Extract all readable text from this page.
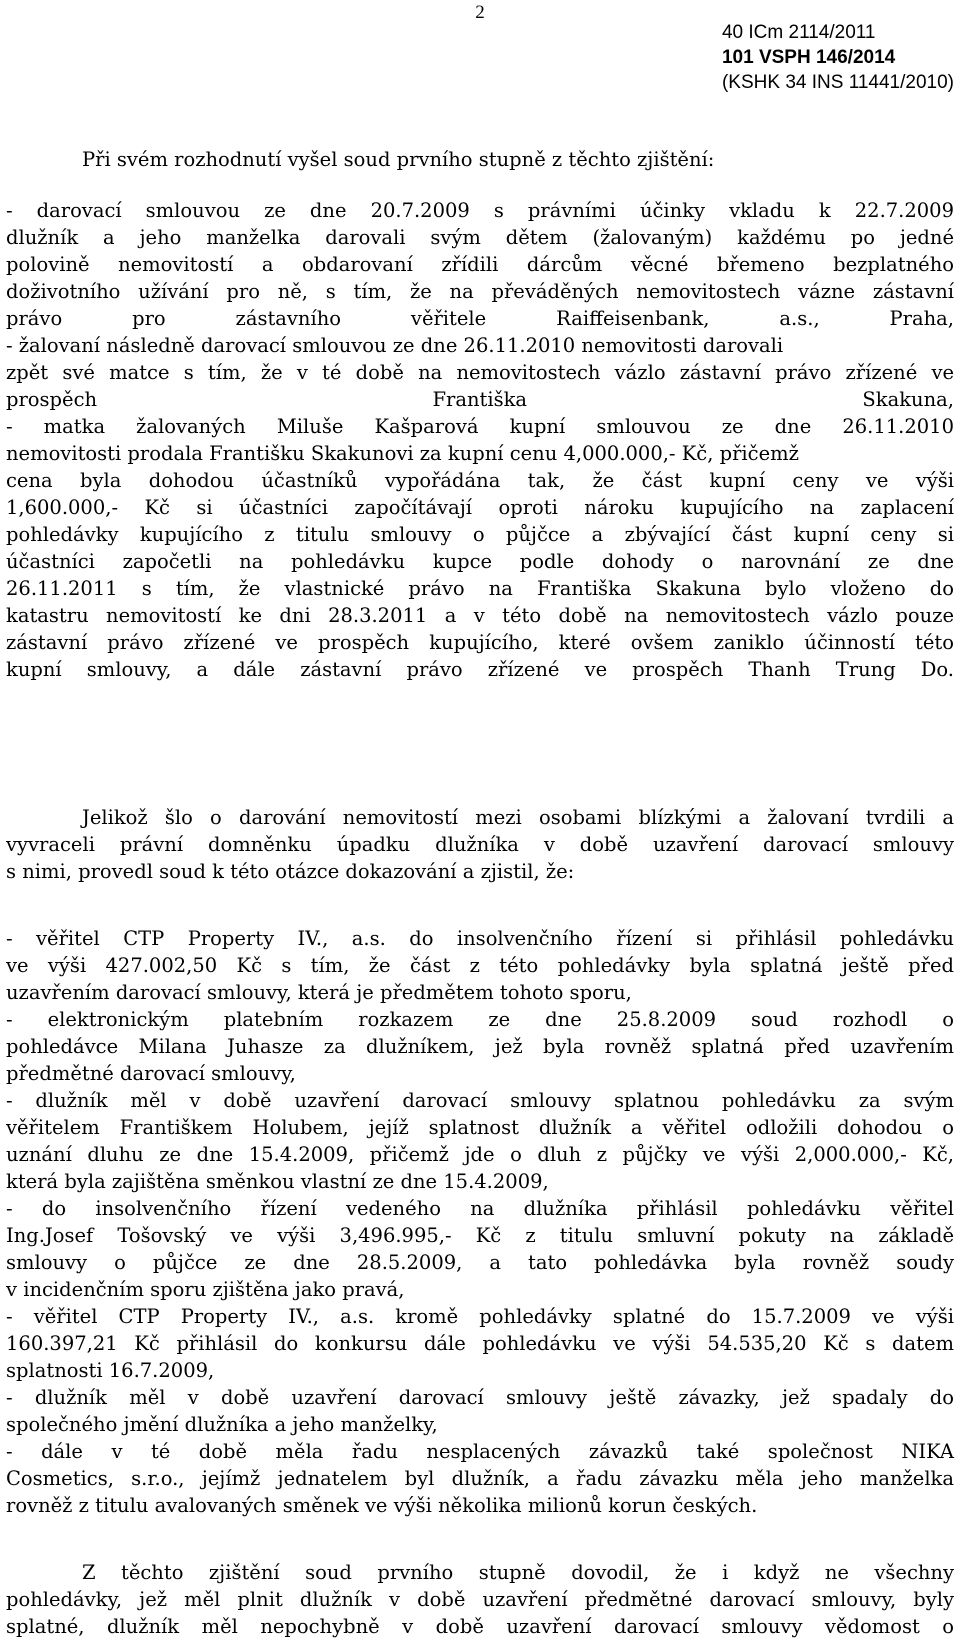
2
40 ICm 2114/2011
101 VSPH 146/2014
(KSHK 34 INS 11441/2010)
Při svém rozhodnutí vyšel soud prvního stupně z těchto zjištění:
- darovací smlouvou ze dne 20.7.2009 s právními účinky vkladu k 22.7.2009
dlužník a jeho manželka darovali svým dětem (žalovaným) každému po jedné
polovině nemovitostí a obdarovaní zřídili dárcům věcné břemeno bezplatného
doživotního užívání pro ně, s tím, že na převáděných nemovitostech vázne zástavní
právo pro zástavního věřitele Raiffeisenbank, a.s., Praha,
- žalovaní následně darovací smlouvou ze dne 26.11.2010 nemovitosti darovali
zpět své matce s tím, že v té době na nemovitostech vázlo zástavní právo zřízené ve
prospěch Františka Skakuna,
- matka žalovaných Miluše Kašparová kupní smlouvou ze dne 26.11.2010
nemovitosti prodala Františku Skakunovi za kupní cenu 4,000.000,- Kč, přičemž
cena byla dohodou účastníků vypořádána tak, že část kupní ceny ve výši
1,600.000,- Kč si účastníci započítávají oproti nároku kupujícího na zaplacení
pohledávky kupujícího z titulu smlouvy o půjčce a zbývající část kupní ceny si
účastníci započetli na pohledávku kupce podle dohody o narovnání ze dne
26.11.2011 s tím, že vlastnické právo na Františka Skakuna bylo vloženo do
katastru nemovitostí ke dni 28.3.2011 a v této době na nemovitostech vázlo pouze
zástavní právo zřízené ve prospěch kupujícího, které ovšem zaniklo účinností této
kupní smlouvy, a dále zástavní právo zřízené ve prospěch Thanh Trung Do.
Jelikož šlo o darování nemovitostí mezi osobami blízkými a žalovaní tvrdili a
vyvraceli právní domněnku úpadku dlužníka v době uzavření darovací smlouvy
s nimi, provedl soud k této otázce dokazování a zjistil, že:
- věřitel CTP Property IV., a.s. do insolvenčního řízení si přihlásil pohledávku
ve výši 427.002,50 Kč s tím, že část z této pohledávky byla splatná ještě před
uzavřením darovací smlouvy, která je předmětem tohoto sporu,
- elektronickým platebním rozkazem ze dne 25.8.2009 soud rozhodl o
pohledávce Milana Juhasze za dlužníkem, jež byla rovněž splatná před uzavřením
předmětné darovací smlouvy,
- dlužník měl v době uzavření darovací smlouvy splatnou pohledávku za svým
věřitelem Františkem Holubem, jejíž splatnost dlužník a věřitel odložili dohodou o
uznání dluhu ze dne 15.4.2009, přičemž jde o dluh z půjčky ve výši 2,000.000,- Kč,
která byla zajištěna směnkou vlastní ze dne 15.4.2009,
- do insolvenčního řízení vedeného na dlužníka přihlásil pohledávku věřitel
Ing.Josef Tošovský ve výši 3,496.995,- Kč z titulu smluvní pokuty na základě
smlouvy o půjčce ze dne 28.5.2009, a tato pohledávka byla rovněž soudy
v incidenčním sporu zjištěna jako pravá,
- věřitel CTP Property IV., a.s. kromě pohledávky splatné do 15.7.2009 ve výši
160.397,21 Kč přihlásil do konkursu dále pohledávku ve výši 54.535,20 Kč s datem
splatnosti 16.7.2009,
- dlužník měl v době uzavření darovací smlouvy ještě závazky, jež spadaly do
společného jmění dlužníka a jeho manželky,
- dále v té době měla řadu nesplacených závazků také společnost NIKA
Cosmetics, s.r.o., jejímž jednatelem byl dlužník, a řadu závazku měla jeho manželka
rovněž z titulu avalovaných směnek ve výši několika milionů korun českých.
Z těchto zjištění soud prvního stupně dovodil, že i když ne všechny
pohledávky, jež měl plnit dlužník v době uzavření předmětné darovací smlouvy, byly
splatné, dlužník měl nepochybně v době uzavření darovací smlouvy vědomost o
